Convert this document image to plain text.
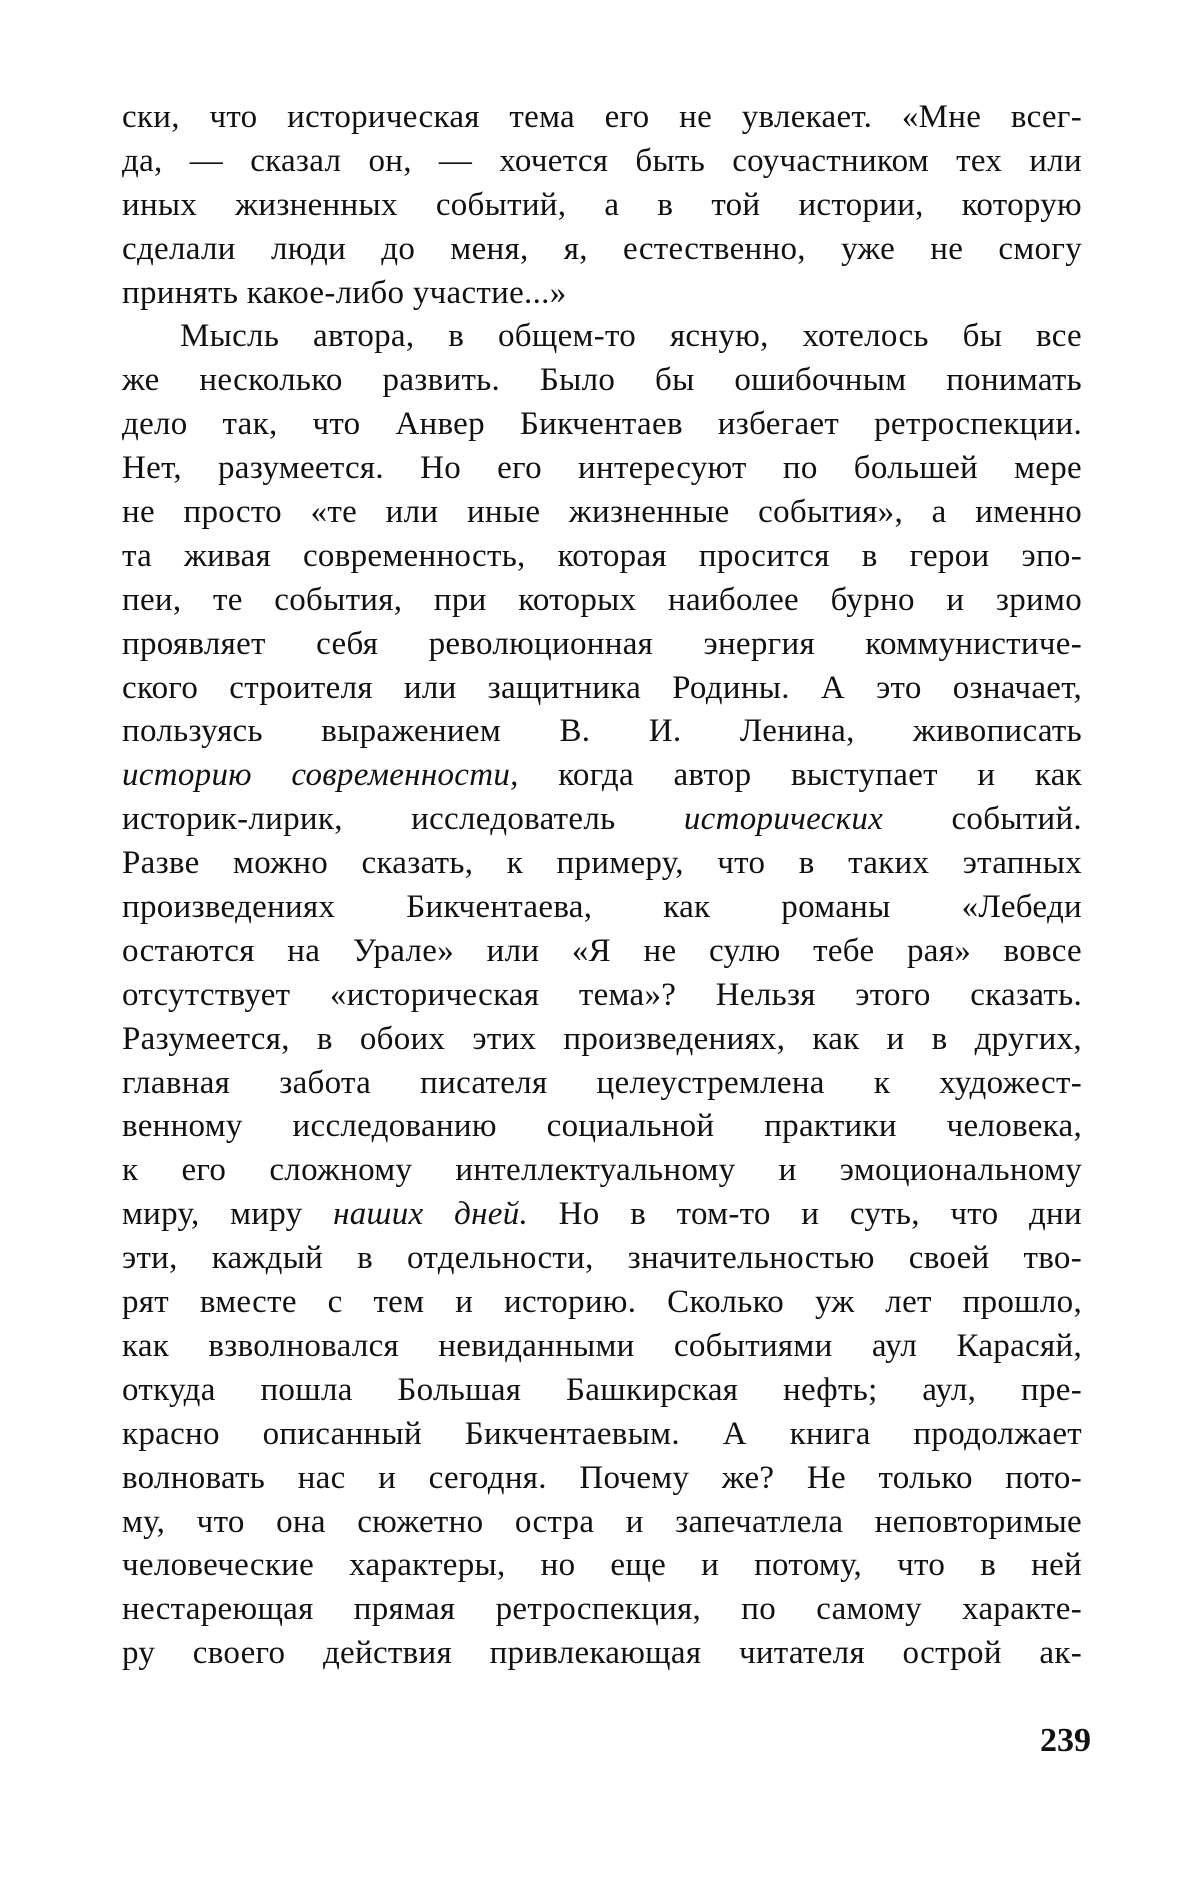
ски, что историческая тема его не увлекает. «Мне всег-
да, — сказал он, — хочется быть соучастником тех или
иных жизненных событий, а в той истории, которую
сделали люди до меня, я, естественно, уже не смогу
принять какое-либо участие...»
Мысль автора, в общем-то ясную, хотелось бы все
же несколько развить. Было бы ошибочным понимать
дело так, что Анвер Бикчентаев избегает ретроспекции.
Нет, разумеется. Но его интересуют по большей мере
не просто «те или иные жизненные события», а именно
та живая современность, которая просится в герои эпо-
пеи, те события, при которых наиболее бурно и зримо
проявляет себя революционная энергия коммунистиче-
ского строителя или защитника Родины. А это означает,
пользуясь выражением В. И. Ленина, живописать
историю современности, когда автор выступает и как
историк-лирик, исследователь исторических событий.
Разве можно сказать, к примеру, что в таких этапных
произведениях Бикчентаева, как романы «Лебеди
остаются на Урале» или «Я не сулю тебе рая» вовсе
отсутствует «историческая тема»? Нельзя этого сказать.
Разумеется, в обоих этих произведениях, как и в других,
главная забота писателя целеустремлена к художест-
венному исследованию социальной практики человека,
к его сложному интеллектуальному и эмоциональному
миру, миру наших дней. Но в том-то и суть, что дни
эти, каждый в отдельности, значительностью своей тво-
рят вместе с тем и историю. Сколько уж лет прошло,
как взволновался невиданными событиями аул Карасяй,
откуда пошла Большая Башкирская нефть; аул, пре-
красно описанный Бикчентаевым. А книга продолжает
волновать нас и сегодня. Почему же? Не только пото-
му, что она сюжетно остра и запечатлела неповторимые
человеческие характеры, но еще и потому, что в ней
нестареющая прямая ретроспекция, по самому характе-
ру своего действия привлекающая читателя острой ак-
239
